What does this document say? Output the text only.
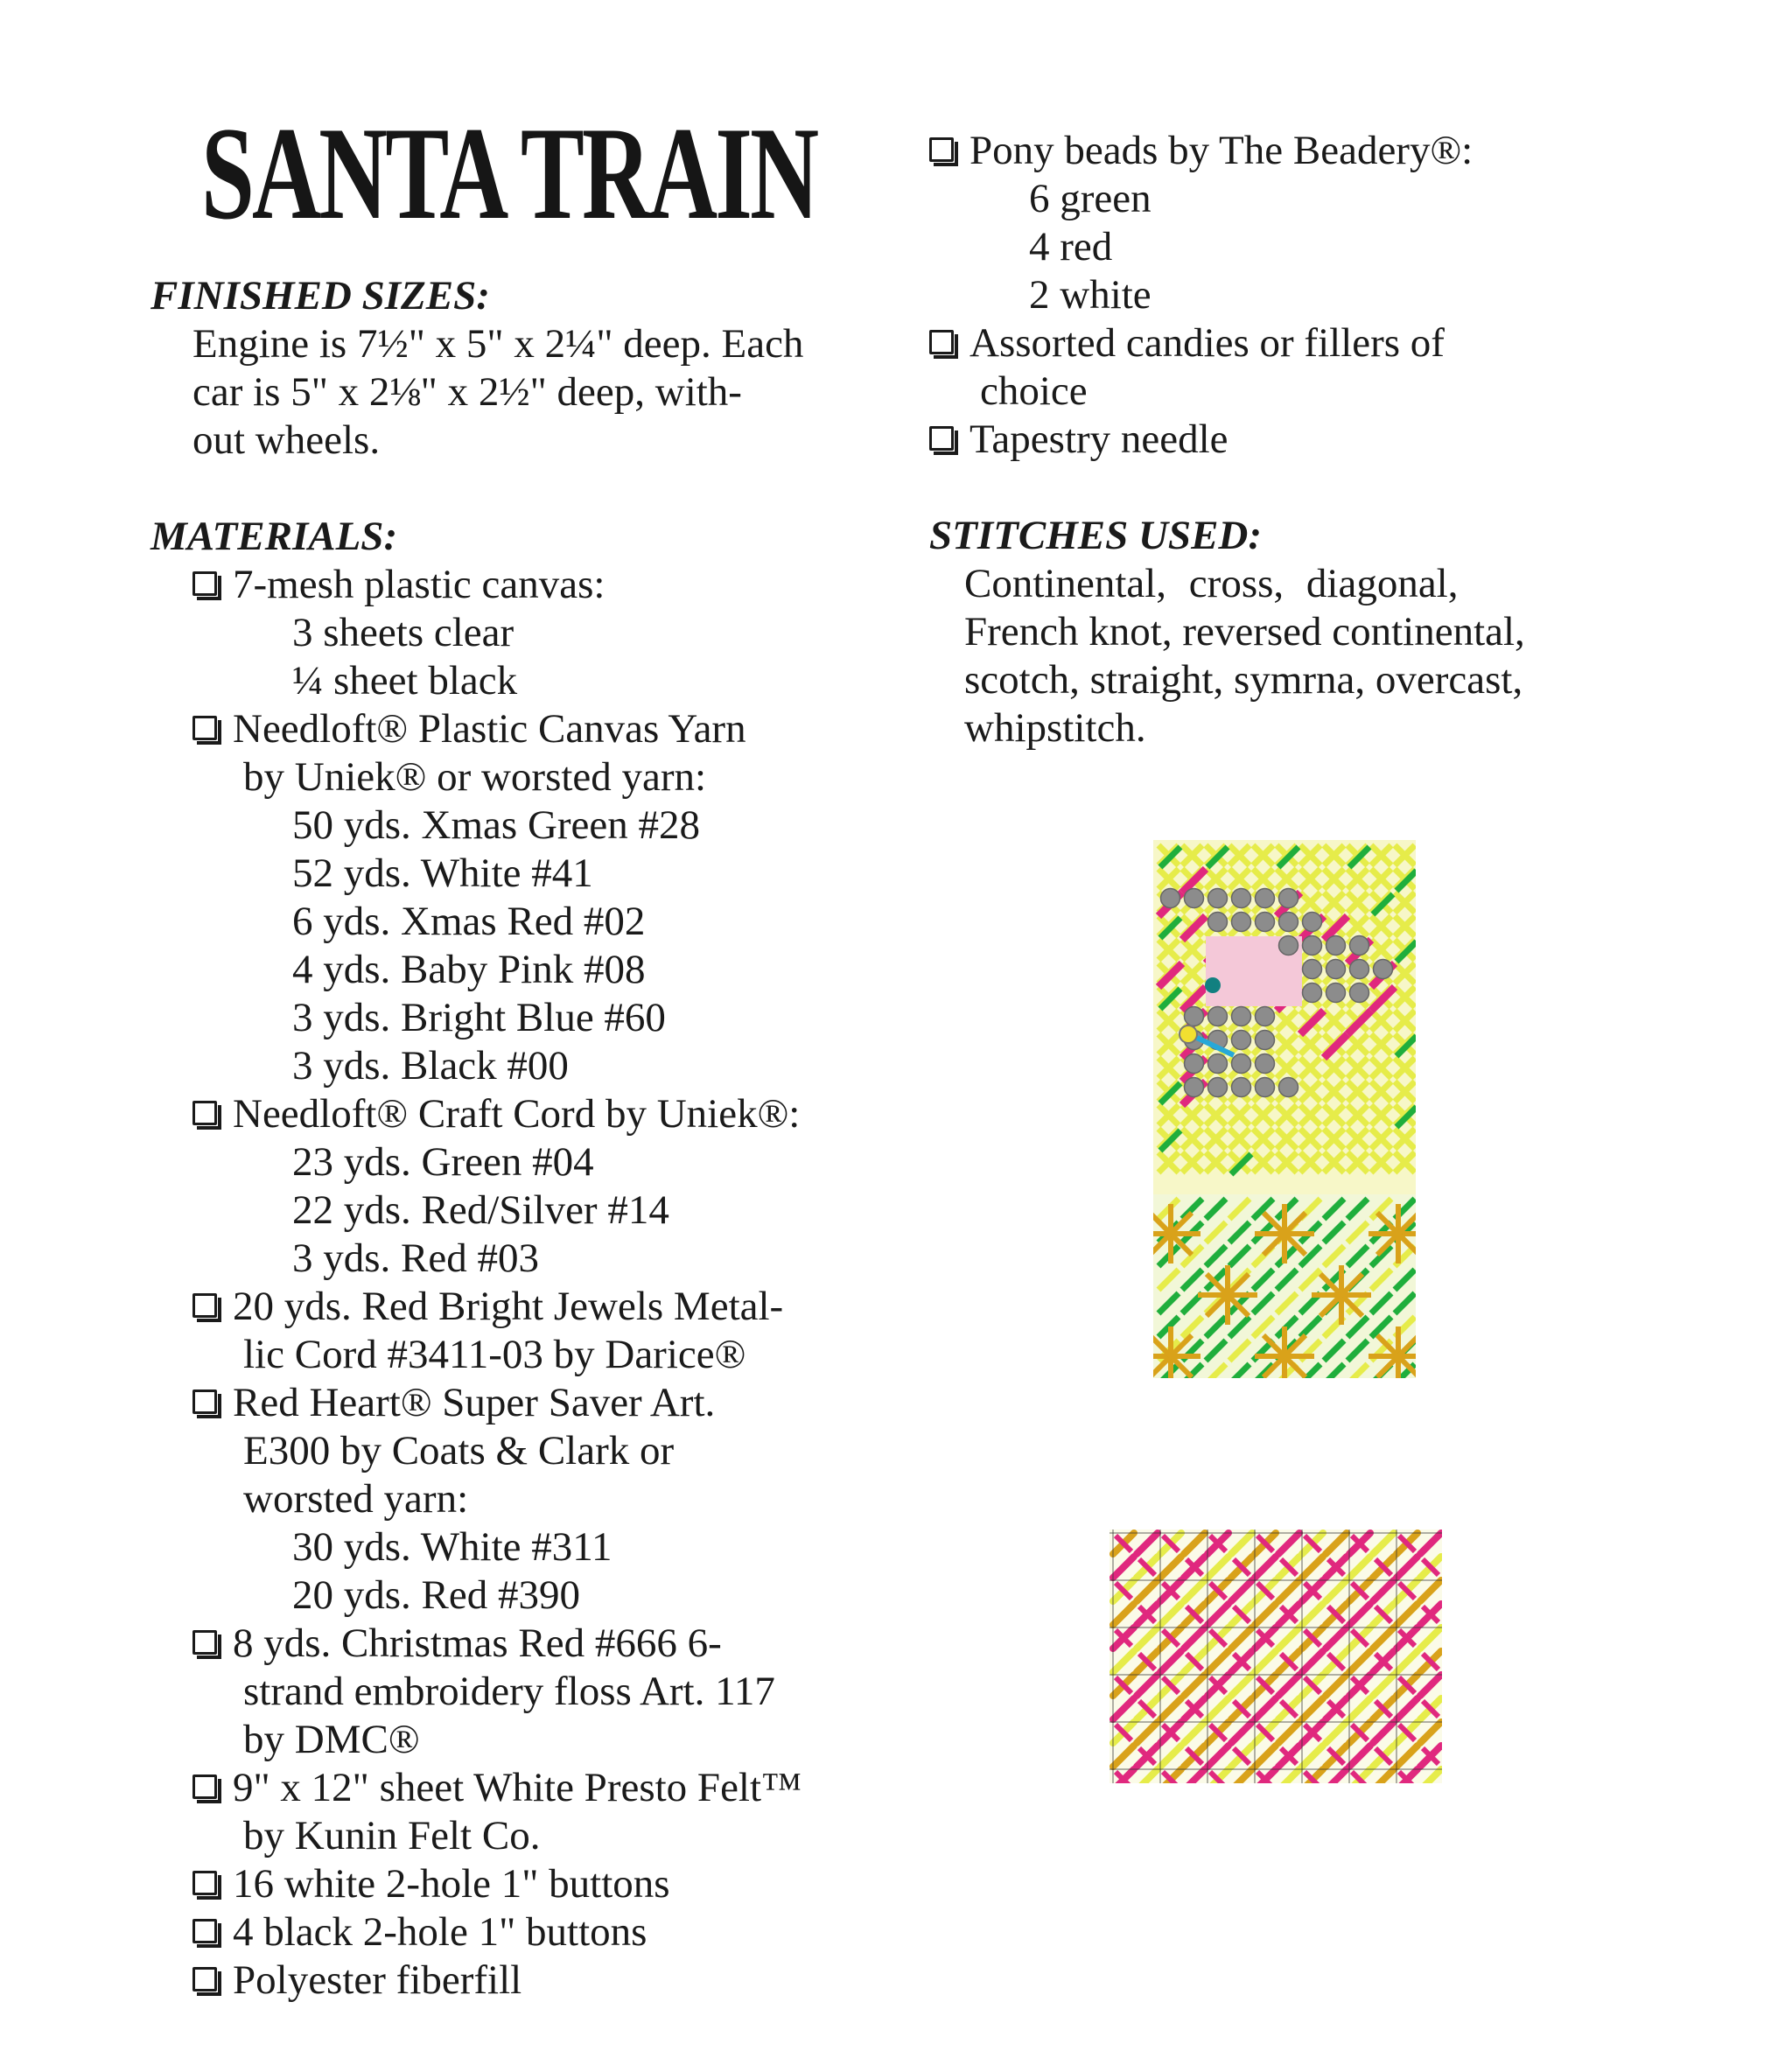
SANTA TRAIN

FINISHED SIZES:

Engine is 7½" x 5" x 2¼" deep. Each
car is 5" x 2⅛" x 2½" deep, with-
out wheels.

MATERIALS:

7-mesh plastic canvas:
3 sheets clear
¼ sheet black
Needloft® Plastic Canvas Yarn
by Uniek® or worsted yarn:
50 yds. Xmas Green #28
52 yds. White #41
6 yds. Xmas Red #02
4 yds. Baby Pink #08
3 yds. Bright Blue #60
3 yds. Black #00
Needloft® Craft Cord by Uniek®:
23 yds. Green #04
22 yds. Red/Silver #14
3 yds. Red #03
20 yds. Red Bright Jewels Metal-
lic Cord #3411-03 by Darice®
Red Heart® Super Saver Art.
E300 by Coats & Clark or
worsted yarn:
30 yds. White #311
20 yds. Red #390
8 yds. Christmas Red #666 6-
strand embroidery floss Art. 117
by DMC®
9" x 12" sheet White Presto Felt™
by Kunin Felt Co.
16 white 2-hole 1" buttons
4 black 2-hole 1" buttons
Polyester fiberfill
Pony beads by The Beadery®:
6 green
4 red
2 white
Assorted candies or fillers of
choice
Tapestry needle

STITCHES USED:

Continental, cross, diagonal,
French knot, reversed continental,
scotch, straight, symrna, overcast,
whipstitch.
